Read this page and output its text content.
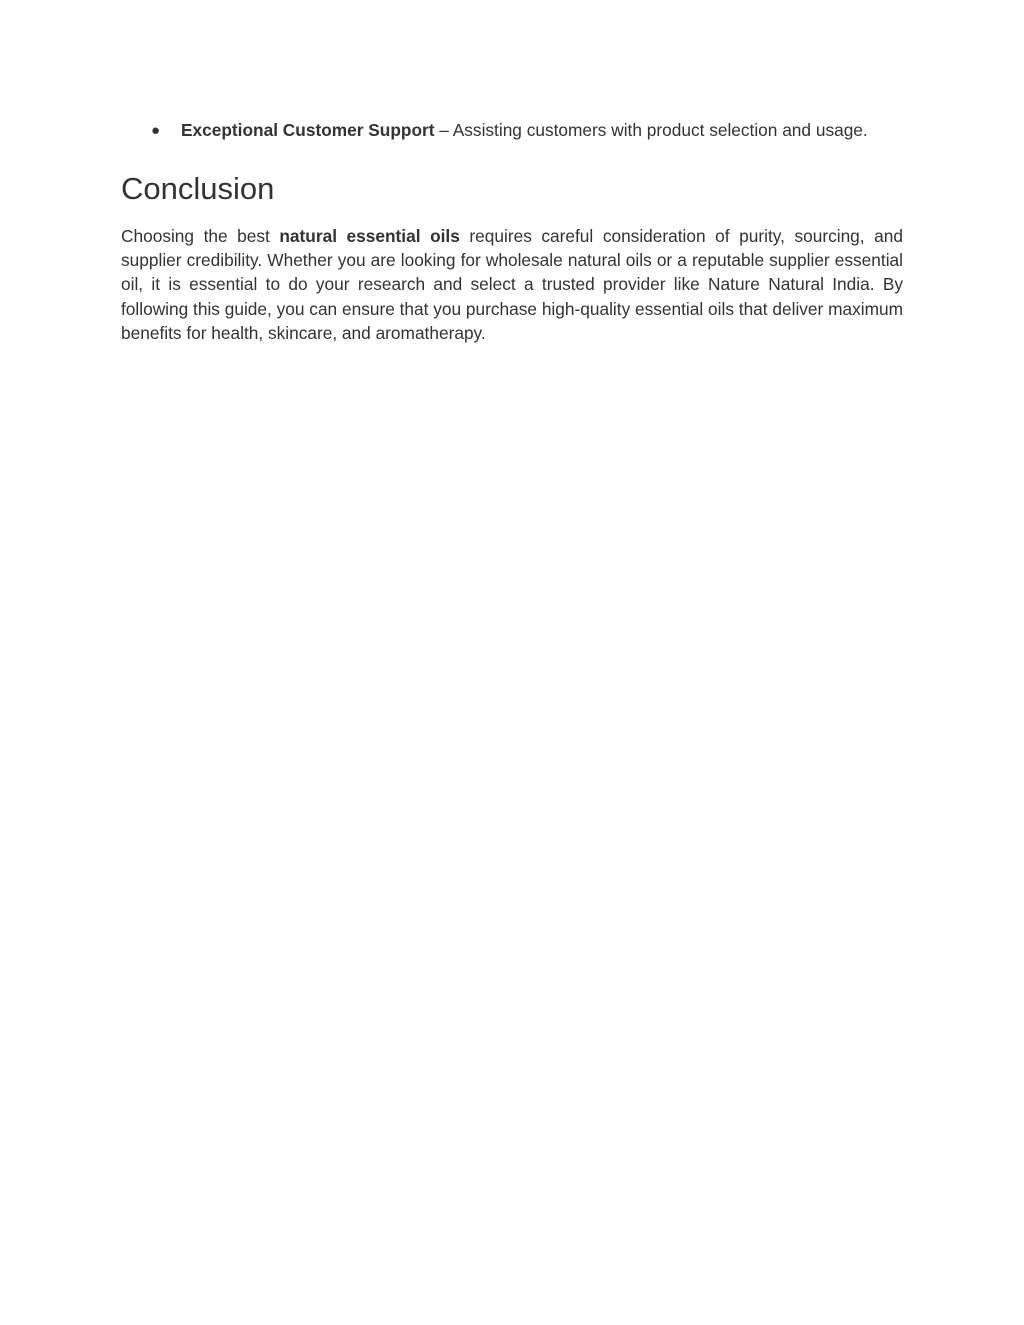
● Exceptional Customer Support – Assisting customers with product selection and usage.
Conclusion

Choosing the best natural essential oils requires careful consideration of purity, sourcing, and supplier credibility. Whether you are looking for wholesale natural oils or a reputable supplier essential oil, it is essential to do your research and select a trusted provider like Nature Natural India. By following this guide, you can ensure that you purchase high-quality essential oils that deliver maximum benefits for health, skincare, and aromatherapy.
